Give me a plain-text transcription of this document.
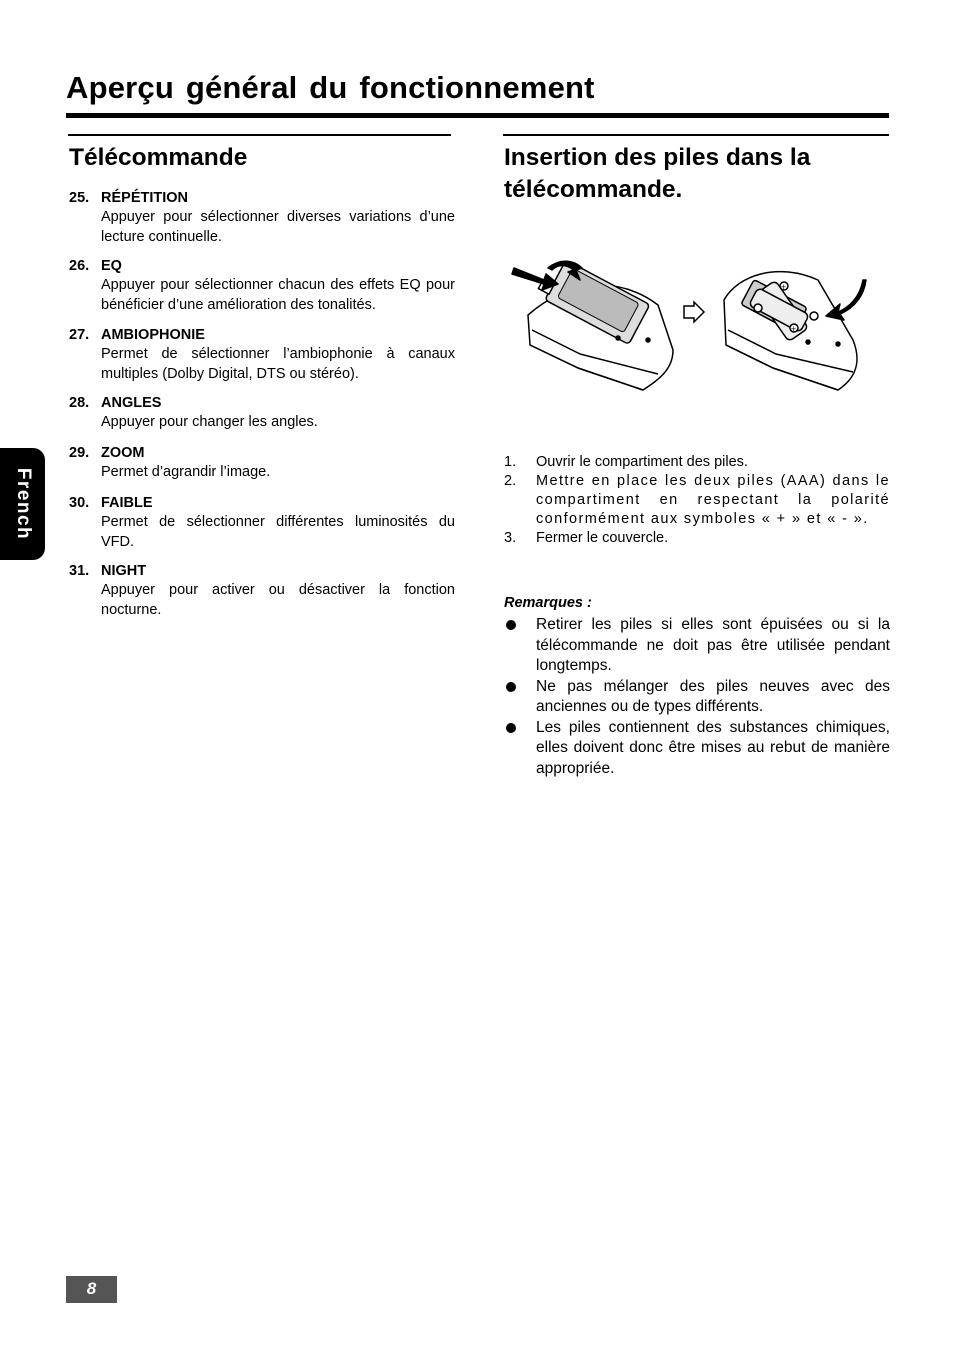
Aperçu général du fonctionnement
French
Télécommande
25. RÉPÉTITION
Appuyer pour sélectionner diverses variations d’une lecture continuelle.
26. EQ
Appuyer pour sélectionner chacun des effets EQ pour bénéficier d’une amélioration des tonalités.
27. AMBIOPHONIE
Permet de sélectionner l’ambiophonie à canaux multiples (Dolby Digital, DTS ou stéréo).
28. ANGLES
Appuyer pour changer les angles.
29. ZOOM
Permet d’agrandir l’image.
30. FAIBLE
Permet de sélectionner différentes luminosités du VFD.
31. NIGHT
Appuyer pour activer ou désactiver la fonction nocturne.
Insertion des piles dans la
télécommande.
+
+
1.	Ouvrir le compartiment des piles.
2.	Mettre en place les deux piles (AAA) dans le compartiment en respectant la polarité conformément aux symboles « + » et « - ».
3.	Fermer le couvercle.
Remarques :
Retirer les piles si elles sont épuisées ou si la télécommande ne doit pas être utilisée pendant longtemps.
Ne pas mélanger des piles neuves avec des anciennes ou de types différents.
Les piles contiennent des substances chimiques, elles doivent donc être mises au rebut de manière appropriée.
8
